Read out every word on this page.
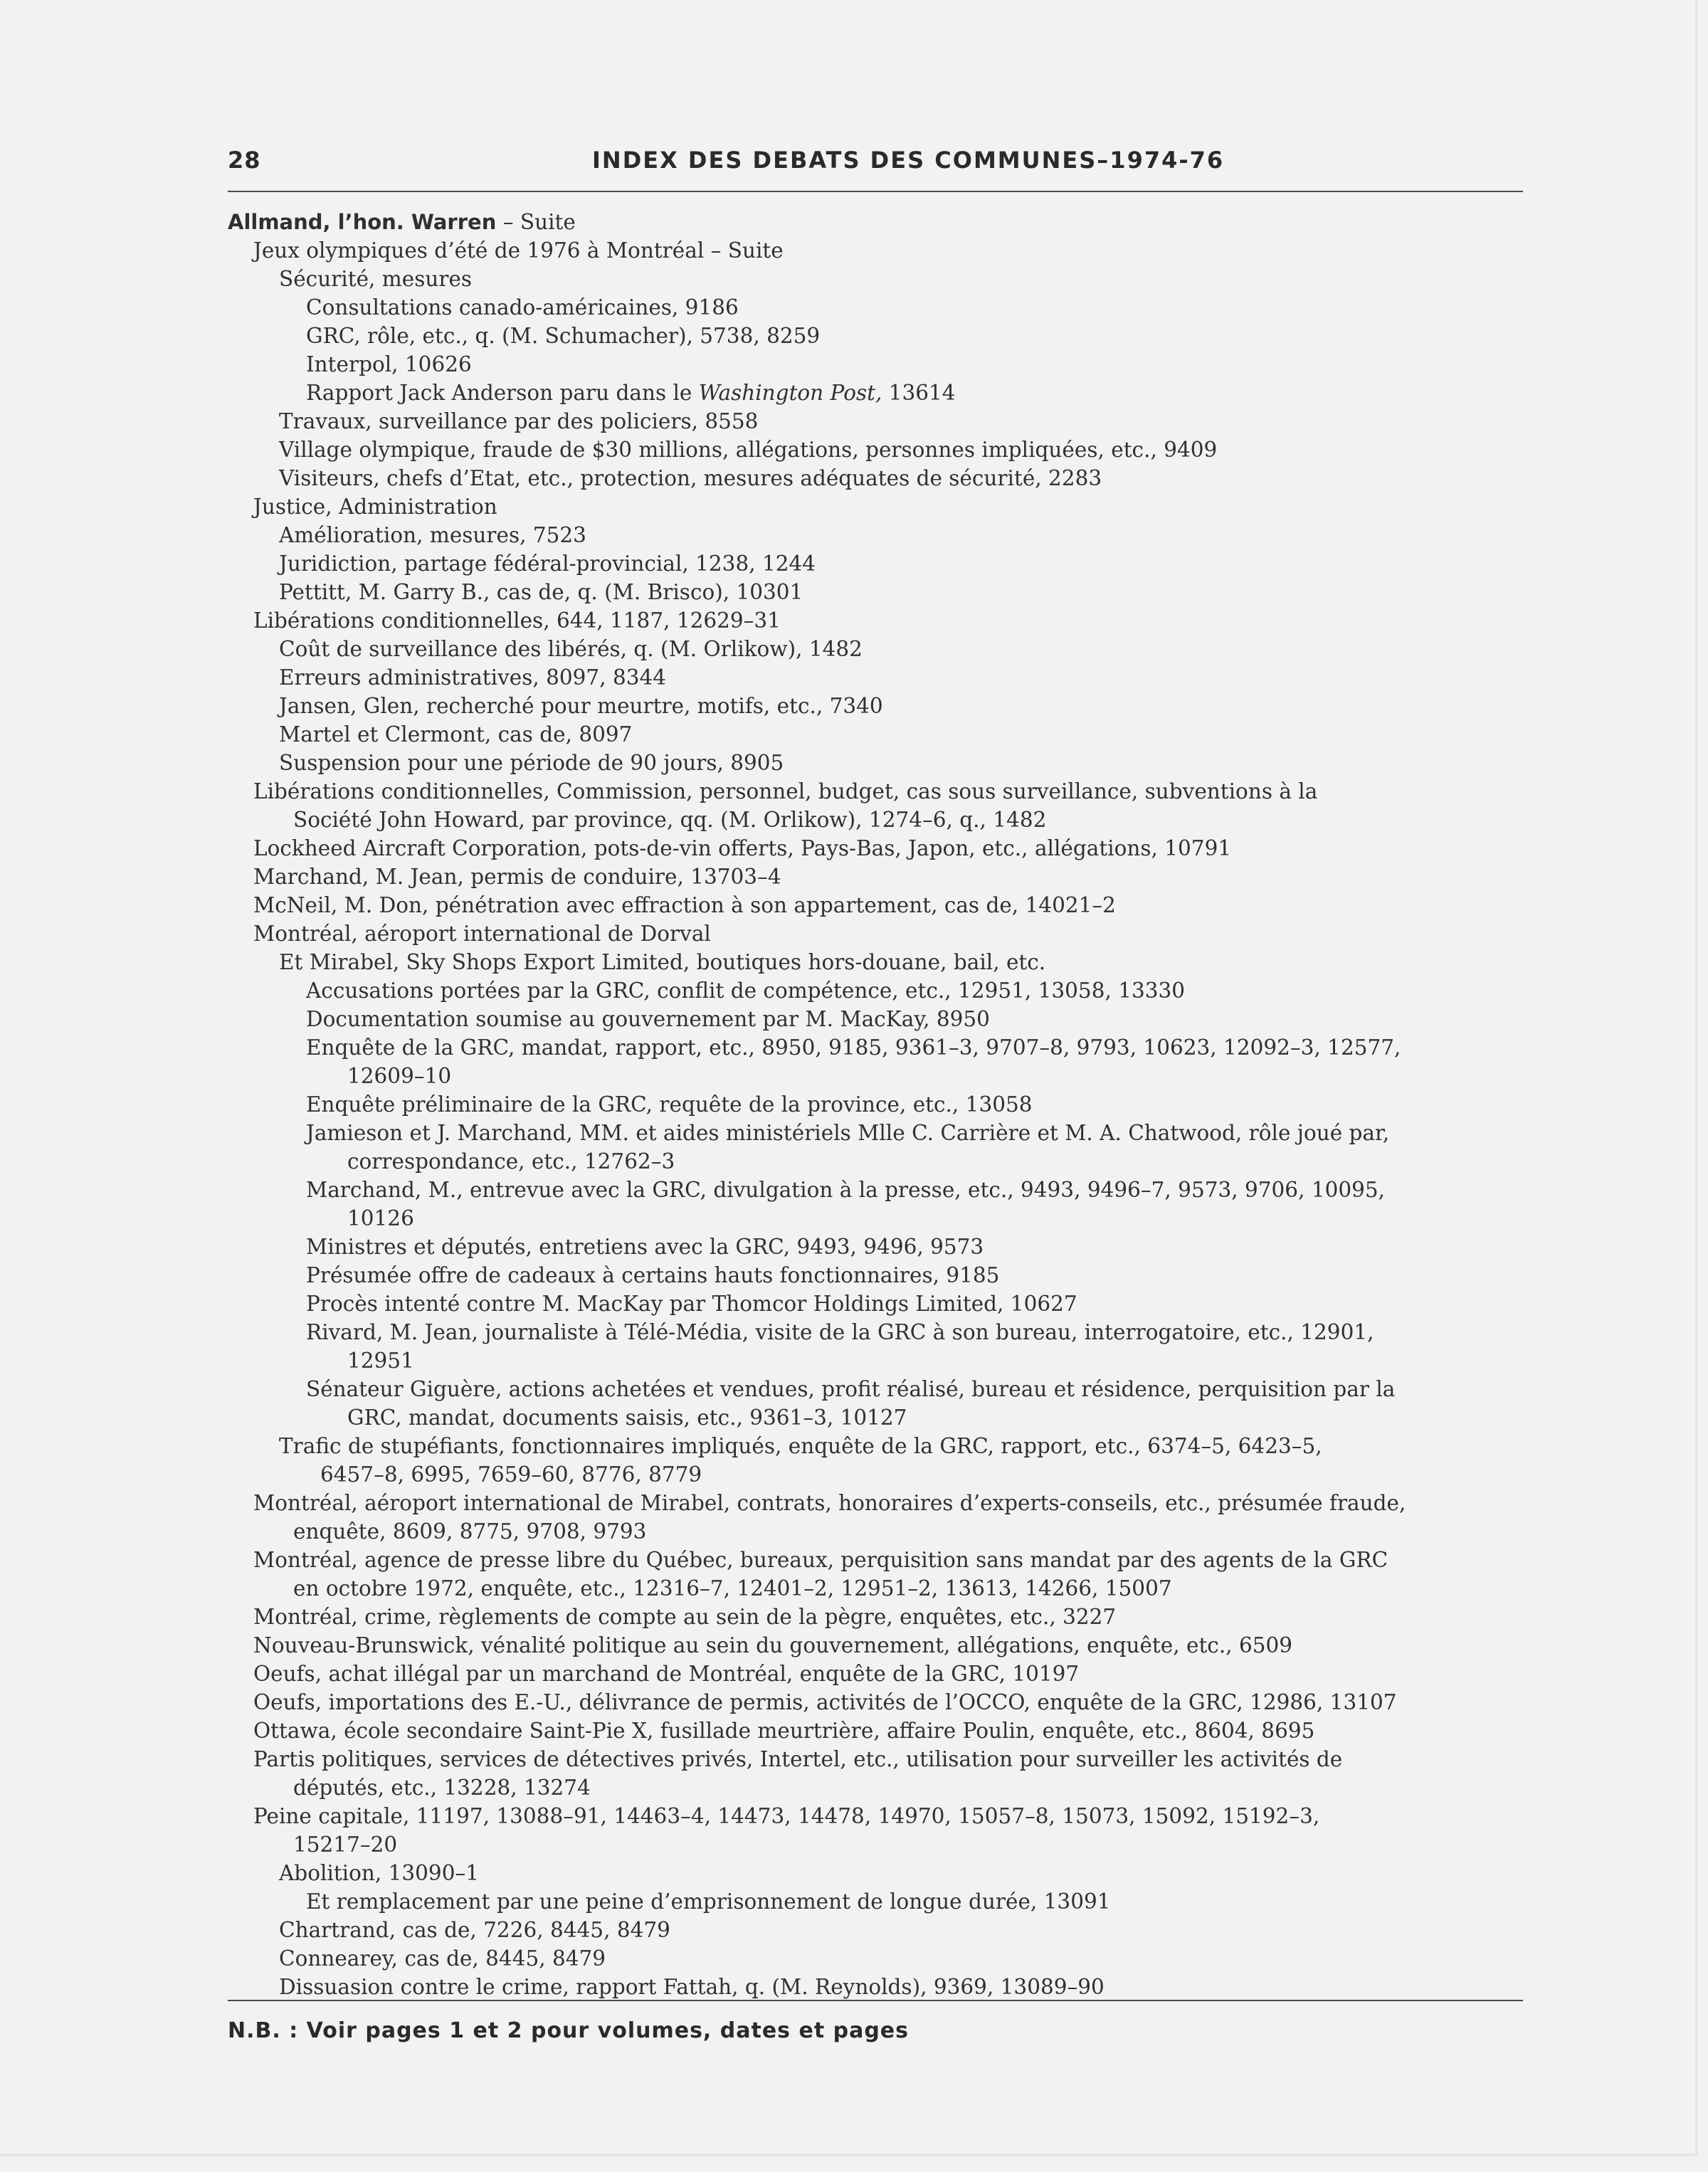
28	INDEX DES DEBATS DES COMMUNES–1974-76
Allmand, l’hon. Warren – Suite
Jeux olympiques d’été de 1976 à Montréal – Suite
Sécurité, mesures
Consultations canado-américaines, 9186
GRC, rôle, etc., q. (M. Schumacher), 5738, 8259
Interpol, 10626
Rapport Jack Anderson paru dans le Washington Post, 13614
Travaux, surveillance par des policiers, 8558
Village olympique, fraude de $30 millions, allégations, personnes impliquées, etc., 9409
Visiteurs, chefs d’Etat, etc., protection, mesures adéquates de sécurité, 2283
Justice, Administration
Amélioration, mesures, 7523
Juridiction, partage fédéral-provincial, 1238, 1244
Pettitt, M. Garry B., cas de, q. (M. Brisco), 10301
Libérations conditionnelles, 644, 1187, 12629–31
Coût de surveillance des libérés, q. (M. Orlikow), 1482
Erreurs administratives, 8097, 8344
Jansen, Glen, recherché pour meurtre, motifs, etc., 7340
Martel et Clermont, cas de, 8097
Suspension pour une période de 90 jours, 8905
Libérations conditionnelles, Commission, personnel, budget, cas sous surveillance, subventions à la
Société John Howard, par province, qq. (M. Orlikow), 1274–6, q., 1482
Lockheed Aircraft Corporation, pots-de-vin offerts, Pays-Bas, Japon, etc., allégations, 10791
Marchand, M. Jean, permis de conduire, 13703–4
McNeil, M. Don, pénétration avec effraction à son appartement, cas de, 14021–2
Montréal, aéroport international de Dorval
Et Mirabel, Sky Shops Export Limited, boutiques hors-douane, bail, etc.
Accusations portées par la GRC, conflit de compétence, etc., 12951, 13058, 13330
Documentation soumise au gouvernement par M. MacKay, 8950
Enquête de la GRC, mandat, rapport, etc., 8950, 9185, 9361–3, 9707–8, 9793, 10623, 12092–3, 12577,
12609–10
Enquête préliminaire de la GRC, requête de la province, etc., 13058
Jamieson et J. Marchand, MM. et aides ministériels Mlle C. Carrière et M. A. Chatwood, rôle joué par,
correspondance, etc., 12762–3
Marchand, M., entrevue avec la GRC, divulgation à la presse, etc., 9493, 9496–7, 9573, 9706, 10095,
10126
Ministres et députés, entretiens avec la GRC, 9493, 9496, 9573
Présumée offre de cadeaux à certains hauts fonctionnaires, 9185
Procès intenté contre M. MacKay par Thomcor Holdings Limited, 10627
Rivard, M. Jean, journaliste à Télé-Média, visite de la GRC à son bureau, interrogatoire, etc., 12901,
12951
Sénateur Giguère, actions achetées et vendues, profit réalisé, bureau et résidence, perquisition par la
GRC, mandat, documents saisis, etc., 9361–3, 10127
Trafic de stupéfiants, fonctionnaires impliqués, enquête de la GRC, rapport, etc., 6374–5, 6423–5,
6457–8, 6995, 7659–60, 8776, 8779
Montréal, aéroport international de Mirabel, contrats, honoraires d’experts-conseils, etc., présumée fraude,
enquête, 8609, 8775, 9708, 9793
Montréal, agence de presse libre du Québec, bureaux, perquisition sans mandat par des agents de la GRC
en octobre 1972, enquête, etc., 12316–7, 12401–2, 12951–2, 13613, 14266, 15007
Montréal, crime, règlements de compte au sein de la pègre, enquêtes, etc., 3227
Nouveau-Brunswick, vénalité politique au sein du gouvernement, allégations, enquête, etc., 6509
Oeufs, achat illégal par un marchand de Montréal, enquête de la GRC, 10197
Oeufs, importations des E.-U., délivrance de permis, activités de l’OCCO, enquête de la GRC, 12986, 13107
Ottawa, école secondaire Saint-Pie X, fusillade meurtrière, affaire Poulin, enquête, etc., 8604, 8695
Partis politiques, services de détectives privés, Intertel, etc., utilisation pour surveiller les activités de
députés, etc., 13228, 13274
Peine capitale, 11197, 13088–91, 14463–4, 14473, 14478, 14970, 15057–8, 15073, 15092, 15192–3,
15217–20
Abolition, 13090–1
Et remplacement par une peine d’emprisonnement de longue durée, 13091
Chartrand, cas de, 7226, 8445, 8479
Connearey, cas de, 8445, 8479
Dissuasion contre le crime, rapport Fattah, q. (M. Reynolds), 9369, 13089–90
N.B. : Voir pages 1 et 2 pour volumes, dates et pages
